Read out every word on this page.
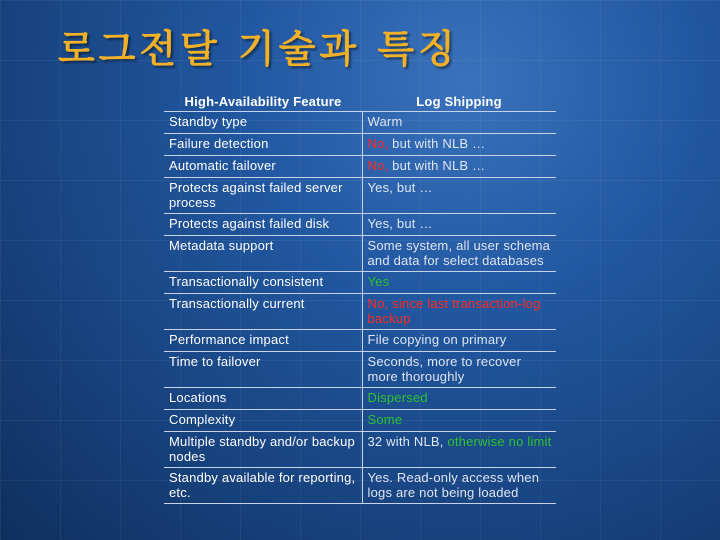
로그전달 기술과 특징
High-Availability Feature	Log Shipping
Standby type	Warm
Failure detection	No, but with NLB …
Automatic failover	No, but with NLB …
Protects against failed server process	Yes, but …
Protects against failed disk	Yes, but …
Metadata support	Some system, all user schema and data for select databases
Transactionally consistent	Yes
Transactionally current	No, since last transaction-log backup
Performance impact	File copying on primary
Time to failover	Seconds, more to recover more thoroughly
Locations	Dispersed
Complexity	Some
Multiple standby and/or backup nodes	32 with NLB, otherwise no limit
Standby available for reporting, etc.	Yes. Read-only access when logs are not being loaded
